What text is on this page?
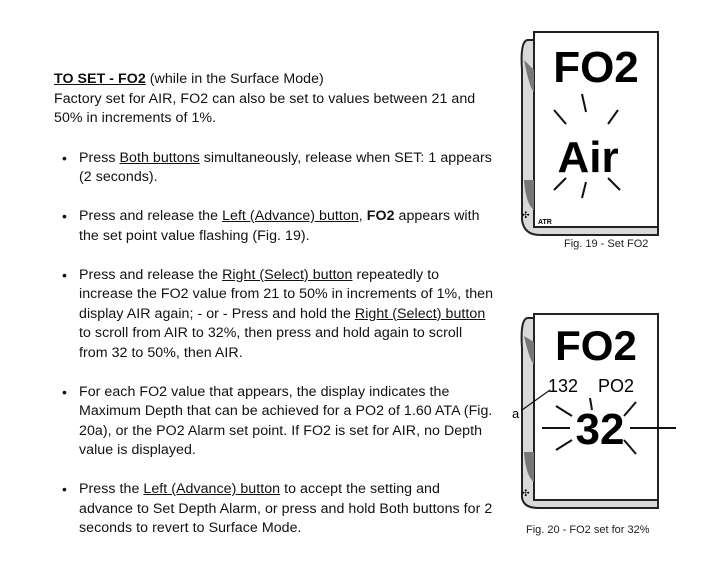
TO SET - FO2 (while in the Surface Mode)

Factory set for AIR, FO2 can also be set to values between 21 and 50% in increments of 1%.

• Press Both buttons simultaneously, release when SET: 1 appears (2 seconds).
• Press and release the Left (Advance) button, FO2 appears with the set point value flashing (Fig. 19).
• Press and release the Right (Select) button repeatedly to increase the FO2 value from 21 to 50% in increments of 1%, then display AIR again; - or - Press and hold the Right (Select) button to scroll from AIR to 32%, then press and hold again to scroll from 32 to 50%, then AIR.
• For each FO2 value that appears, the display indicates the Maximum Depth that can be achieved for a PO2 of 1.60 ATA (Fig. 20a), or the PO2 Alarm set point. If FO2 is set for AIR, no Depth value is displayed.
• Press the Left (Advance) button to accept the setting and advance to Set Depth Alarm, or press and hold Both buttons for 2 seconds to revert to Surface Mode.
FO2
Air
ATR
✣
Fig. 19 - Set FO2
FO2
132 PO2
32
a
✣
Fig. 20 - FO2 set for 32%
